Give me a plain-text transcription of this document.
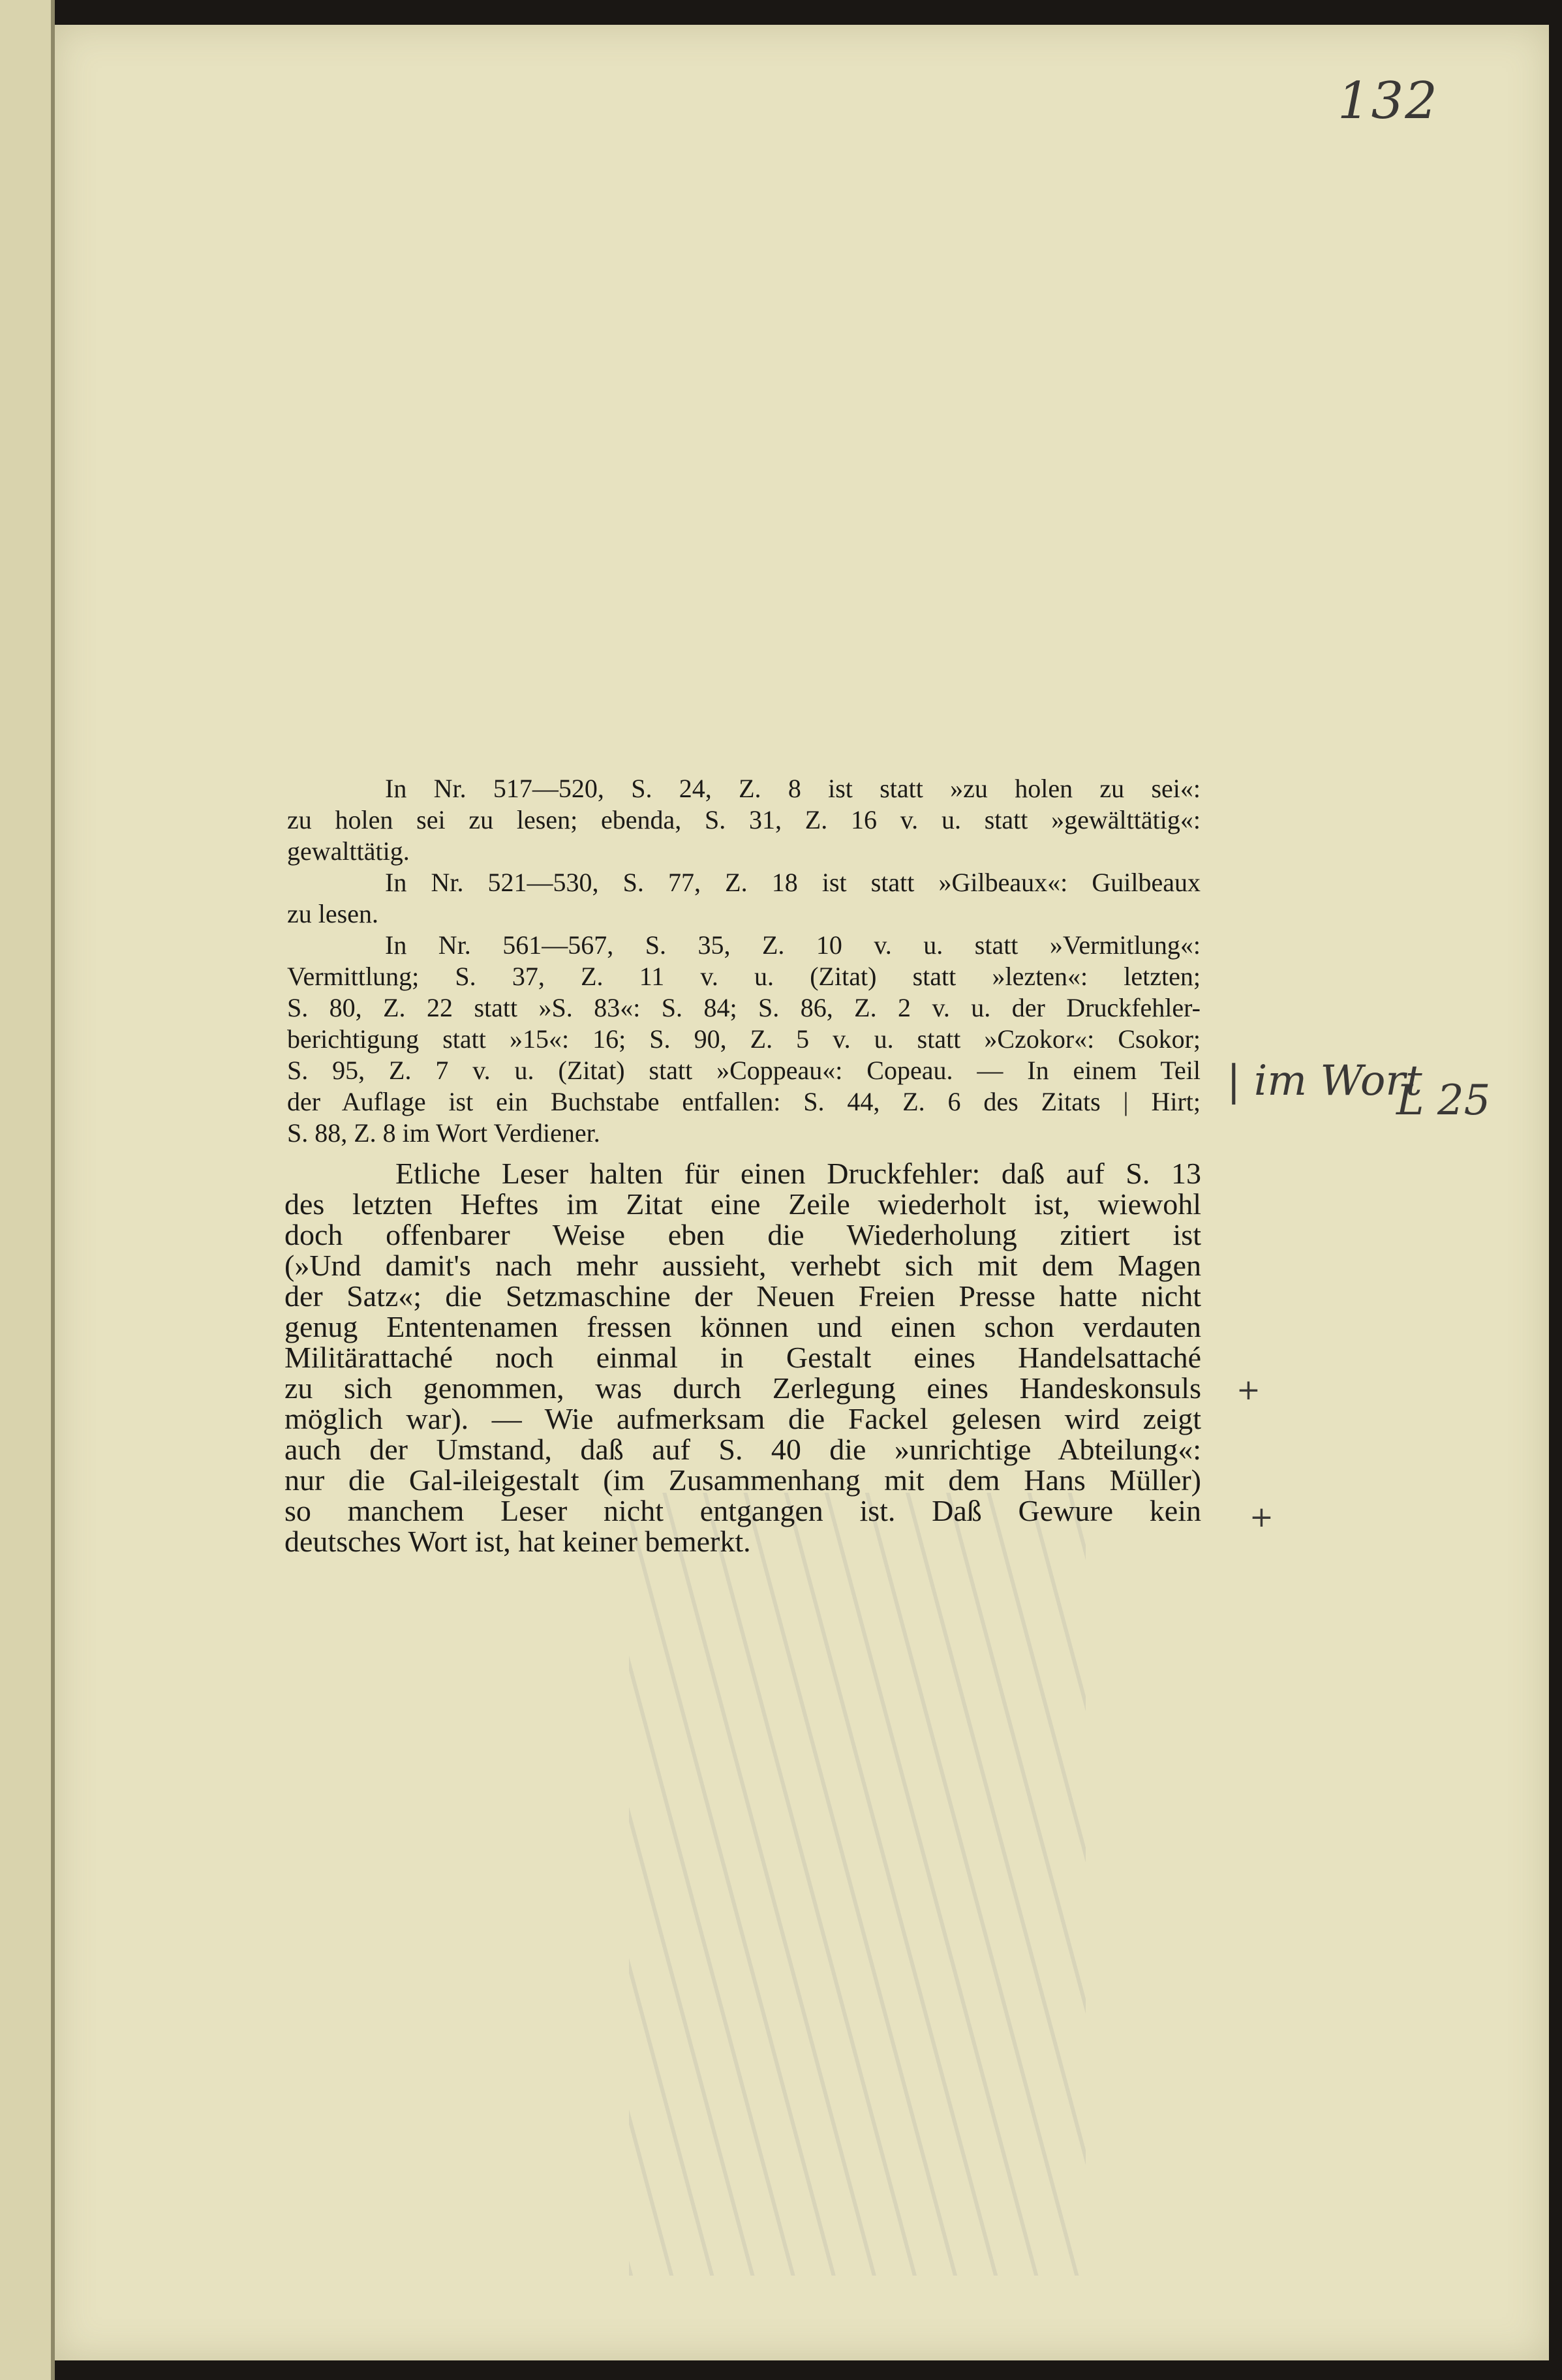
132
| im Wort
L 25
+
+
In Nr. 517—520, S. 24, Z. 8 ist statt »zu holen zu sei«:
zu holen sei zu lesen; ebenda, S. 31, Z. 16 v. u. statt »gewälttätig«:
gewalttätig.
In Nr. 521—530, S. 77, Z. 18 ist statt »Gilbeaux«: Guilbeaux
zu lesen.
In Nr. 561—567, S. 35, Z. 10 v. u. statt »Vermitlung«:
Vermittlung; S. 37, Z. 11 v. u. (Zitat) statt »lezten«: letzten;
S. 80, Z. 22 statt »S. 83«: S. 84; S. 86, Z. 2 v. u. der Druckfehler-
berichtigung statt »15«: 16; S. 90, Z. 5 v. u. statt »Czokor«: Csokor;
S. 95, Z. 7 v. u. (Zitat) statt »Coppeau«: Copeau. — In einem Teil
der Auflage ist ein Buchstabe entfallen: S. 44, Z. 6 des Zitats | Hirt;
S. 88, Z. 8 im Wort Verdiener.
Etliche Leser halten für einen Druckfehler: daß auf S. 13
des letzten Heftes im Zitat eine Zeile wiederholt ist, wiewohl
doch offenbarer Weise eben die Wiederholung zitiert ist
(»Und damit's nach mehr aussieht, verhebt sich mit dem Magen
der Satz«; die Setzmaschine der Neuen Freien Presse hatte nicht
genug Ententenamen fressen können und einen schon verdauten
Militärattaché noch einmal in Gestalt eines Handelsattaché
zu sich genommen, was durch Zerlegung eines Handeskonsuls
möglich war). — Wie aufmerksam die Fackel gelesen wird zeigt
auch der Umstand, daß auf S. 40 die »unrichtige Abteilung«:
nur die Gal-ileigestalt (im Zusammenhang mit dem Hans Müller)
so manchem Leser nicht entgangen ist. Daß Gewure kein
deutsches Wort ist, hat keiner bemerkt.
